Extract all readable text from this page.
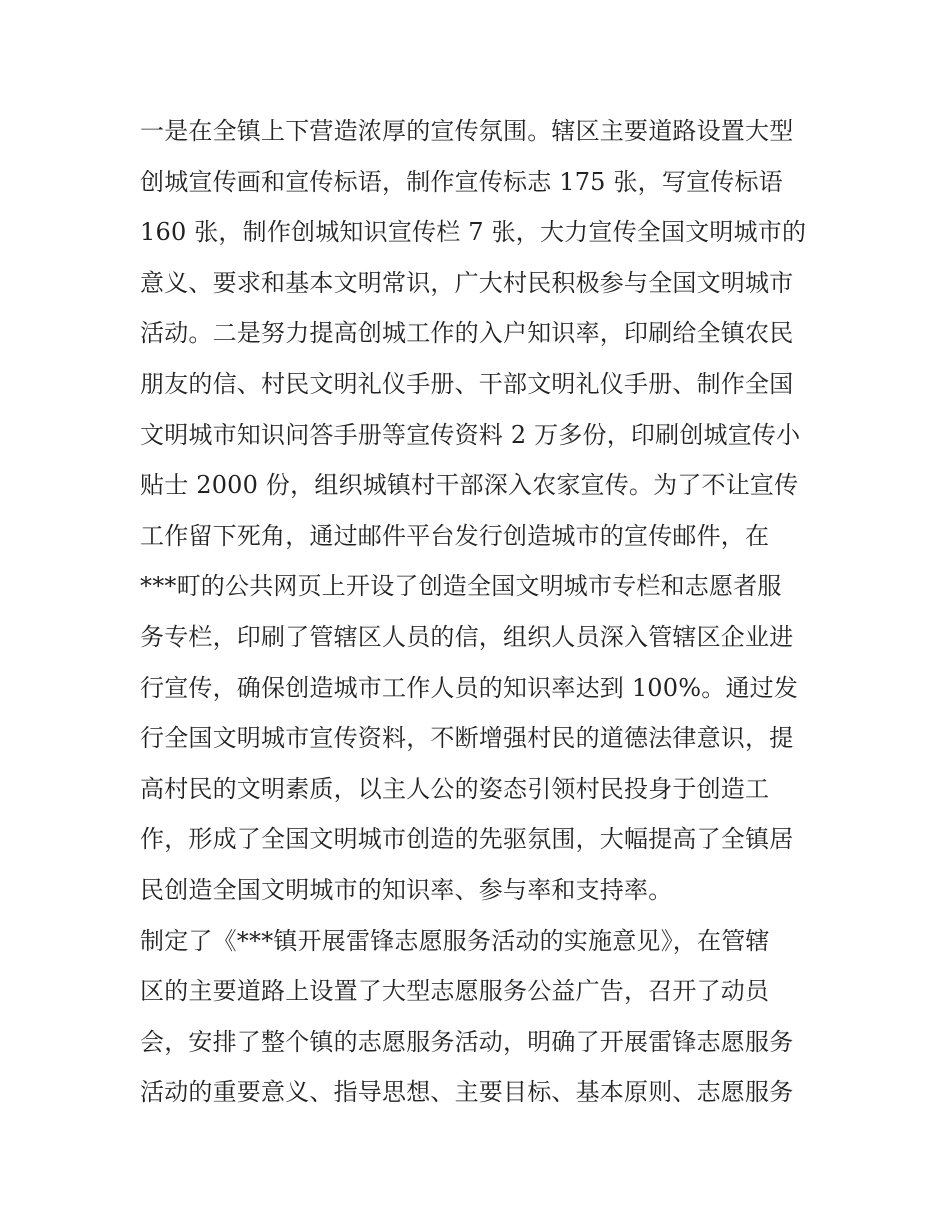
一是在全镇上下营造浓厚的宣传氛围。辖区主要道路设置大型
创城宣传画和宣传标语，制作宣传标志 175 张，写宣传标语
160 张，制作创城知识宣传栏 7 张，大力宣传全国文明城市的
意义、要求和基本文明常识，广大村民积极参与全国文明城市
活动。二是努力提高创城工作的入户知识率，印刷给全镇农民
朋友的信、村民文明礼仪手册、干部文明礼仪手册、制作全国
文明城市知识问答手册等宣传资料 2 万多份，印刷创城宣传小
贴士 2000 份，组织城镇村干部深入农家宣传。为了不让宣传
工作留下死角，通过邮件平台发行创造城市的宣传邮件，在
***町的公共网页上开设了创造全国文明城市专栏和志愿者服
务专栏，印刷了管辖区人员的信，组织人员深入管辖区企业进
行宣传，确保创造城市工作人员的知识率达到 100%。通过发
行全国文明城市宣传资料，不断增强村民的道德法律意识，提
高村民的文明素质，以主人公的姿态引领村民投身于创造工
作，形成了全国文明城市创造的先驱氛围，大幅提高了全镇居
民创造全国文明城市的知识率、参与率和支持率。
制定了《***镇开展雷锋志愿服务活动的实施意见》，在管辖
区的主要道路上设置了大型志愿服务公益广告，召开了动员
会，安排了整个镇的志愿服务活动，明确了开展雷锋志愿服务
活动的重要意义、指导思想、主要目标、基本原则、志愿服务
